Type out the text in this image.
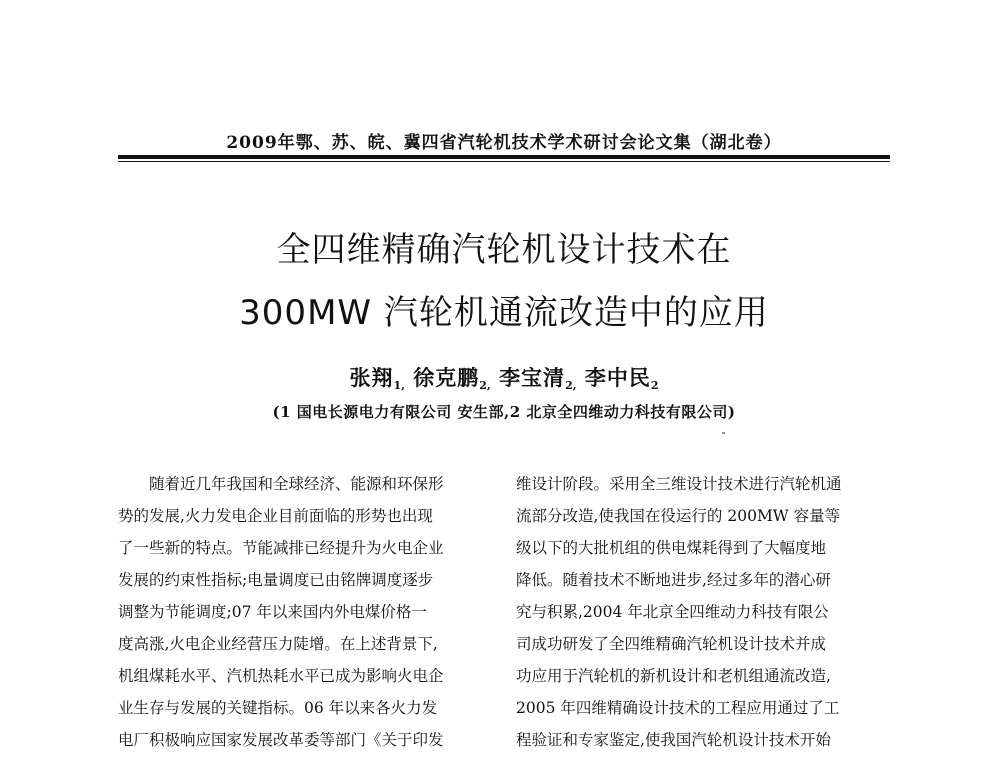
2009年鄂、苏、皖、冀四省汽轮机技术学术研讨会论文集（湖北卷）
全四维精确汽轮机设计技术在
300MW 汽轮机通流改造中的应用
张翔$_{1,}$ 徐克鹏$_{2,}$ 李宝清$_{2,}$ 李中民$_2$
(1 国电长源电力有限公司 安生部,2 北京全四维动力科技有限公司)
随着近几年我国和全球经济、能源和环保形
势的发展,火力发电企业目前面临的形势也出现
了一些新的特点。节能减排已经提升为火电企业
发展的约束性指标;电量调度已由铭牌调度逐步
调整为节能调度;07 年以来国内外电煤价格一
度高涨,火电企业经营压力陡增。在上述背景下,
机组煤耗水平、汽机热耗水平已成为影响火电企
业生存与发展的关键指标。06 年以来各火力发
电厂积极响应国家发展改革委等部门《关于印发
维设计阶段。采用全三维设计技术进行汽轮机通
流部分改造,使我国在役运行的 200MW 容量等
级以下的大批机组的供电煤耗得到了大幅度地
降低。随着技术不断地进步,经过多年的潜心研
究与积累,2004 年北京全四维动力科技有限公
司成功研发了全四维精确汽轮机设计技术并成
功应用于汽轮机的新机设计和老机组通流改造,
2005 年四维精确设计技术的工程应用通过了工
程验证和专家鉴定,使我国汽轮机设计技术开始
